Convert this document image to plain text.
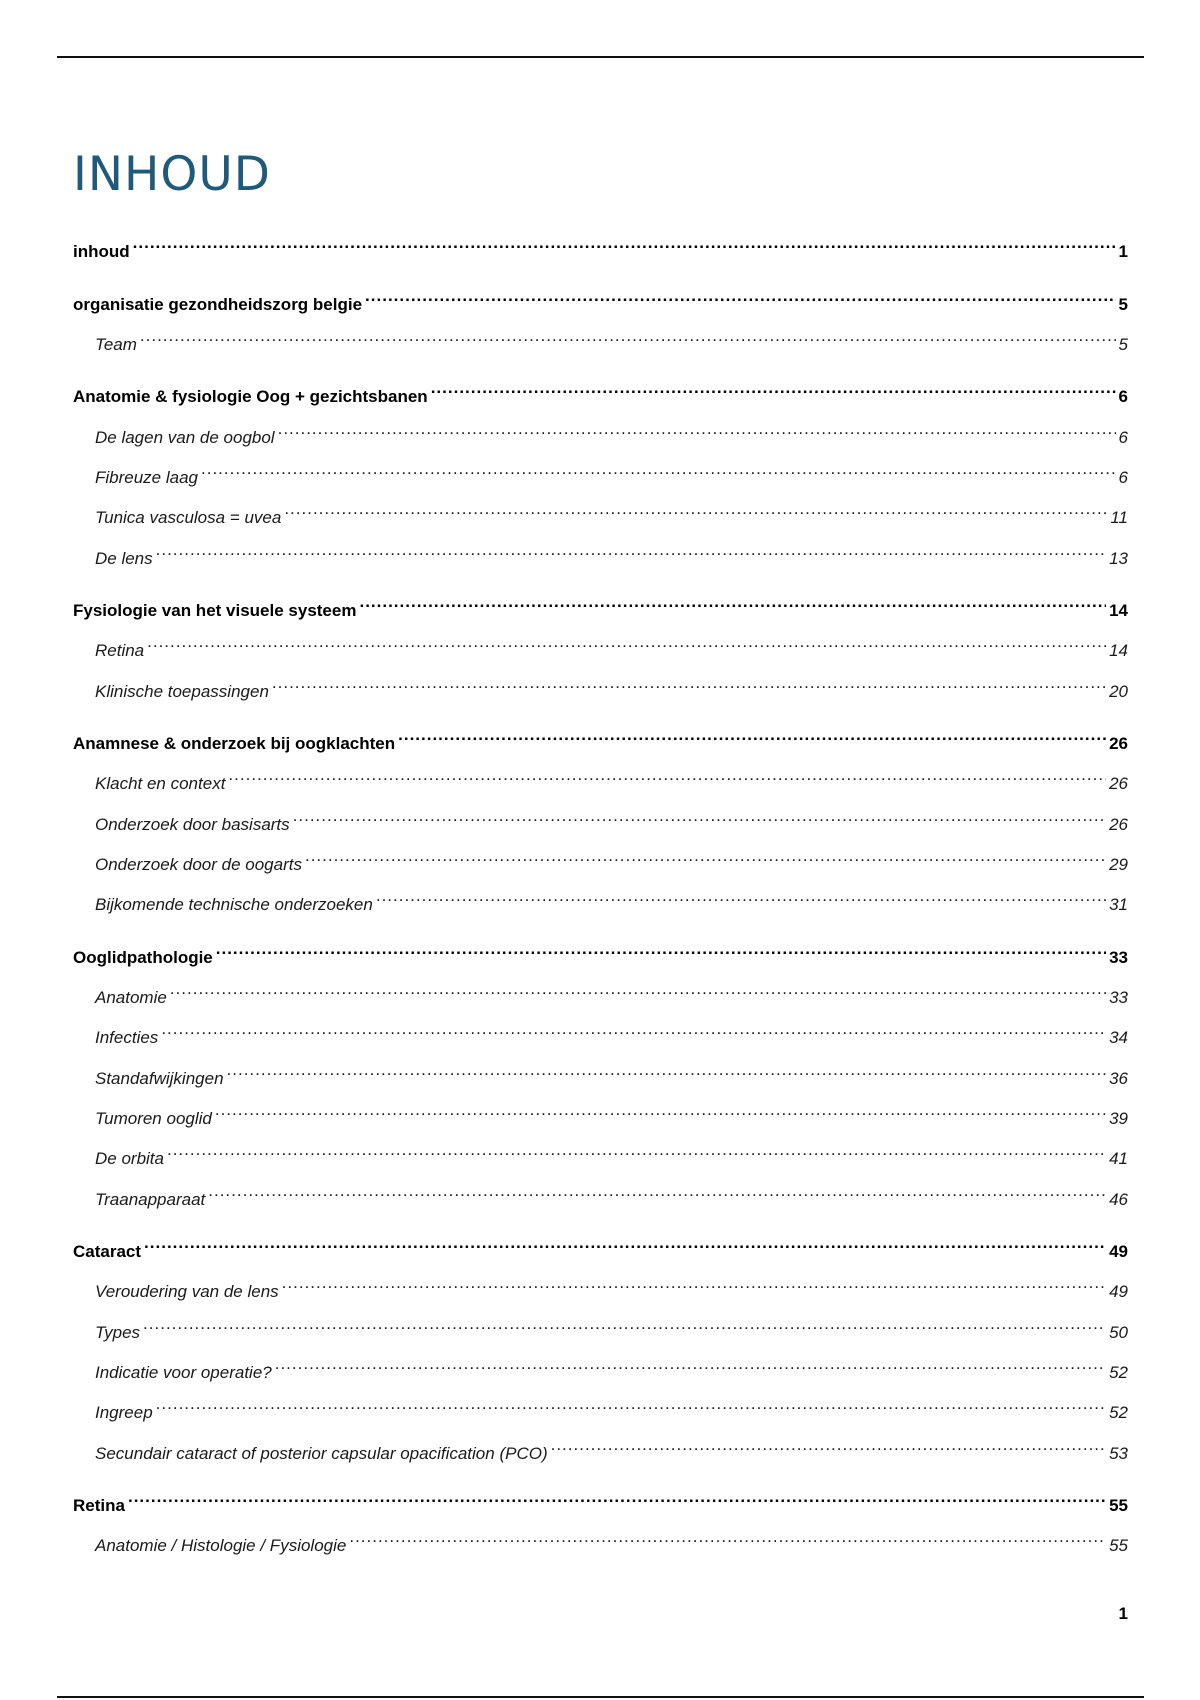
INHOUD
inhoud .....	1
organisatie gezondheidszorg belgie .....	5
Team .....	5
Anatomie & fysiologie Oog + gezichtsbanen .....	6
De lagen van de oogbol .....	6
Fibreuze laag .....	6
Tunica vasculosa = uvea .....	11
De lens .....	13
Fysiologie van het visuele systeem .....	14
Retina .....	14
Klinische toepassingen .....	20
Anamnese & onderzoek bij oogklachten .....	26
Klacht en context .....	26
Onderzoek door basisarts .....	26
Onderzoek door de oogarts .....	29
Bijkomende technische onderzoeken .....	31
Ooglidpathologie .....	33
Anatomie .....	33
Infecties .....	34
Standafwijkingen .....	36
Tumoren ooglid .....	39
De orbita .....	41
Traanapparaat .....	46
Cataract .....	49
Veroudering van de lens .....	49
Types .....	50
Indicatie voor operatie? .....	52
Ingreep .....	52
Secundair cataract of posterior capsular opacification (PCO) .....	53
Retina .....	55
Anatomie / Histologie / Fysiologie .....	55
1
